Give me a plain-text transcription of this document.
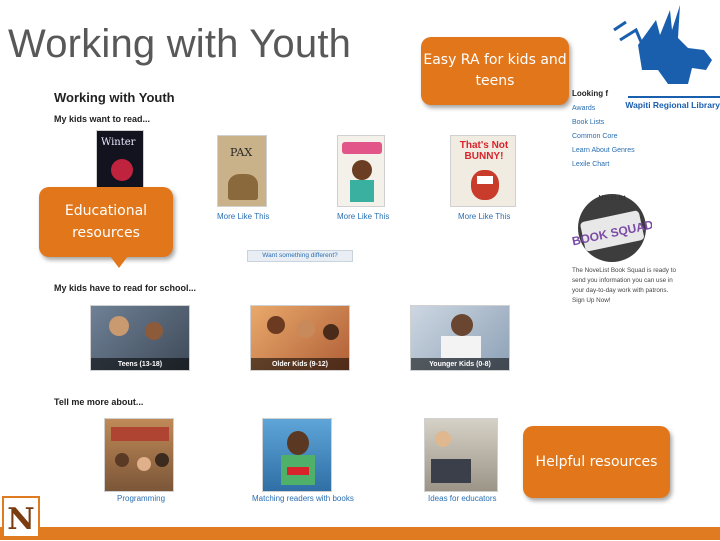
Working with Youth
Wapiti Regional Library
Working with Youth
My kids want to read...
Winter
PAX
That's Not BUNNY!
More Like This	More Like This	More Like This
Want something different?
My kids have to read for school...
Teens (13-18)	Older Kids (9-12)	Younger Kids (0-8)
Tell me more about...
Programming	Matching readers with books	Ideas for educators
Looking f
Awards
Book Lists
Common Core
Learn About Genres
Lexile Chart
NoveList
BOOK SQUAD
The NoveList Book Squad is ready to send you information you can use in your day-to-day work with patrons. Sign Up Now!
Easy RA for kids and teens
Educational resources
Helpful resources
N
